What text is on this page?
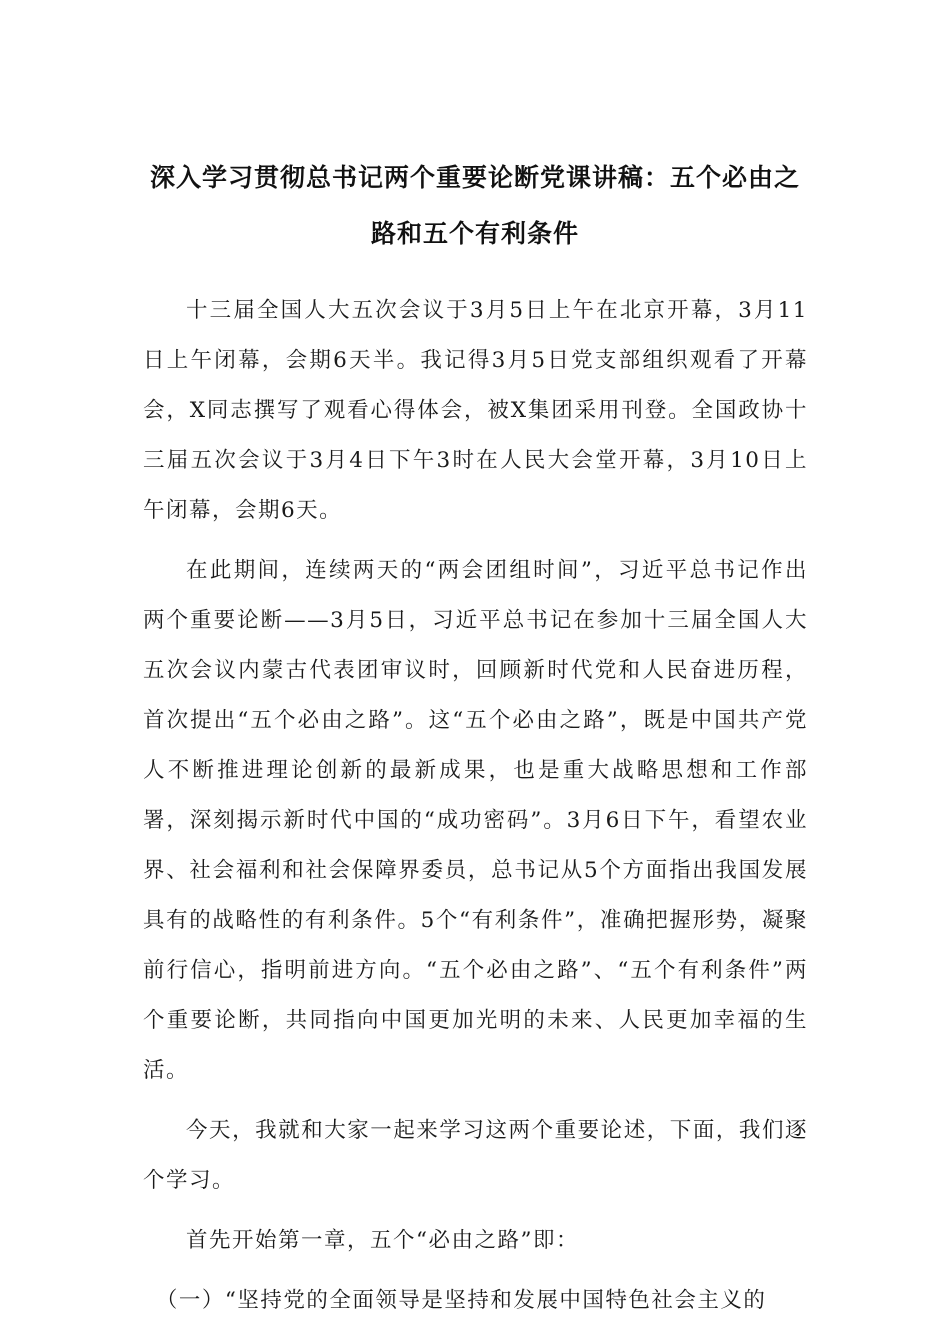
深入学习贯彻总书记两个重要论断党课讲稿：五个必由之
路和五个有利条件

十三届全国人大五次会议于3月5日上午在北京开幕，3月11日上午闭幕，会期6天半。我记得3月5日党支部组织观看了开幕会，X同志撰写了观看心得体会，被X集团采用刊登。全国政协十三届五次会议于3月4日下午3时在人民大会堂开幕，3月10日上午闭幕，会期6天。

在此期间，连续两天的“两会团组时间”，习近平总书记作出两个重要论断——3月5日，习近平总书记在参加十三届全国人大五次会议内蒙古代表团审议时，回顾新时代党和人民奋进历程，首次提出“五个必由之路”。这“五个必由之路”，既是中国共产党人不断推进理论创新的最新成果，也是重大战略思想和工作部署，深刻揭示新时代中国的“成功密码”。3月6日下午，看望农业界、社会福利和社会保障界委员，总书记从5个方面指出我国发展具有的战略性的有利条件。5个“有利条件”，准确把握形势，凝聚前行信心，指明前进方向。“五个必由之路”、“五个有利条件”两个重要论断，共同指向中国更加光明的未来、人民更加幸福的生活。

今天，我就和大家一起来学习这两个重要论述，下面，我们逐个学习。

首先开始第一章，五个“必由之路”即：

（一）“坚持党的全面领导是坚持和发展中国特色社会主义的
